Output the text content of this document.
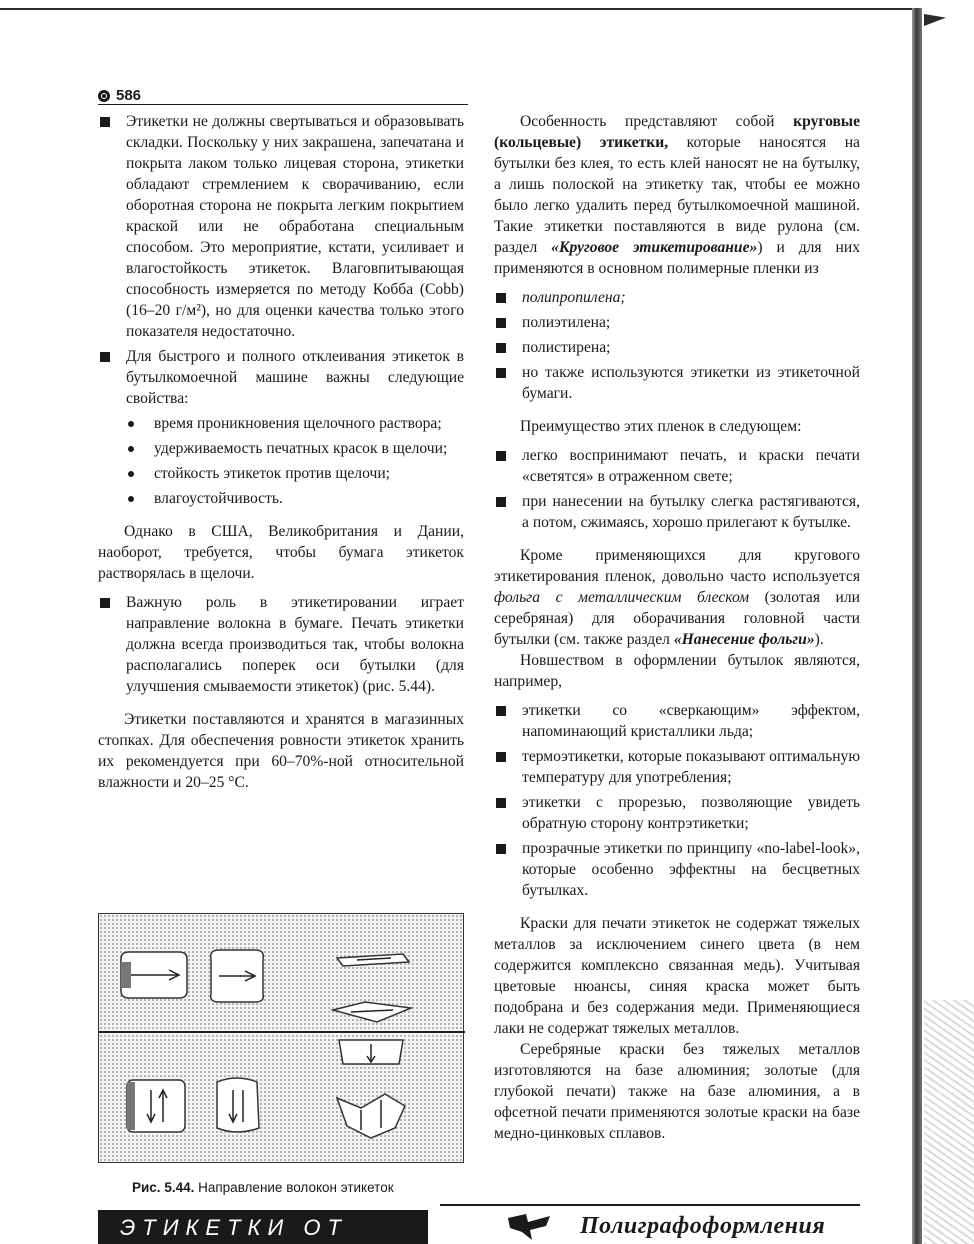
586
Этикетки не должны свертываться и образовывать складки. Поскольку у них закрашена, запечатана и покрыта лаком только лицевая сторона, этикетки обладают стремлением к сворачиванию, если оборотная сторона не покрыта легким покрытием краской или не обработана специальным способом. Это мероприятие, кстати, усиливает и влагостойкость этикеток. Влаговпитывающая способность измеряется по методу Кобба (Cobb) (16–20 г/м²), но для оценки качества только этого показателя недостаточно.
Для быстрого и полного отклеивания этикеток в бутылкомоечной машине важны следующие свойства:
время проникновения щелочного раствора;
удерживаемость печатных красок в щелочи;
стойкость этикеток против щелочи;
влагоустойчивость.

Однако в США, Великобритания и Дании, наоборот, требуется, чтобы бумага этикеток растворялась в щелочи.

Важную роль в этикетировании играет направление волокна в бумаге. Печать этикетки должна всегда производиться так, чтобы волокна располагались поперек оси бутылки (для улучшения смываемости этикеток) (рис. 5.44).

Этикетки поставляются и хранятся в магазинных стопках. Для обеспечения ровности этикеток хранить их рекомендуется при 60–70%-ной относительной влажности и 20–25 °C.

Рис. 5.44. Направление волокон этикеток

Особенность представляют собой круговые (кольцевые) этикетки, которые наносятся на бутылки без клея, то есть клей наносят не на бутылку, а лишь полоской на этикетку так, чтобы ее можно было легко удалить перед бутылкомоечной машиной. Такие этикетки поставляются в виде рулона (см. раздел «Круговое этикетирование») и для них применяются в основном полимерные пленки из

полипропилена;
полиэтилена;
полистирена;
но также используются этикетки из этикеточной бумаги.

Преимущество этих пленок в следующем:

легко воспринимают печать, и краски печати «светятся» в отраженном свете;
при нанесении на бутылку слегка растягиваются, а потом, сжимаясь, хорошо прилегают к бутылке.

Кроме применяющихся для кругового этикетирования пленок, довольно часто используется фольга с металлическим блеском (золотая или серебряная) для оборачивания головной части бутылки (см. также раздел «Нанесение фольги»).

Новшеством в оформлении бутылок являются, например,

этикетки со «сверкающим» эффектом, напоминающий кристаллики льда;
термоэтикетки, которые показывают оптимальную температуру для употребления;
этикетки с прорезью, позволяющие увидеть обратную сторону контрэтикетки;
прозрачные этикетки по принципу «no-label-look», которые особенно эффектны на бесцветных бутылках.

Краски для печати этикеток не содержат тяжелых металлов за исключением синего цвета (в нем содержится комплексно связанная медь). Учитывая цветовые нюансы, синяя краска может быть подобрана и без содержания меди. Применяющиеся лаки не содержат тяжелых металлов.

Серебряные краски без тяжелых металлов изготовляются на базе алюминия; золотые (для глубокой печати) также на базе алюминия, а в офсетной печати применяются золотые краски на базе медно-цинковых сплавов.

ЭТИКЕТКИ ОТ	Полиграфоформления
